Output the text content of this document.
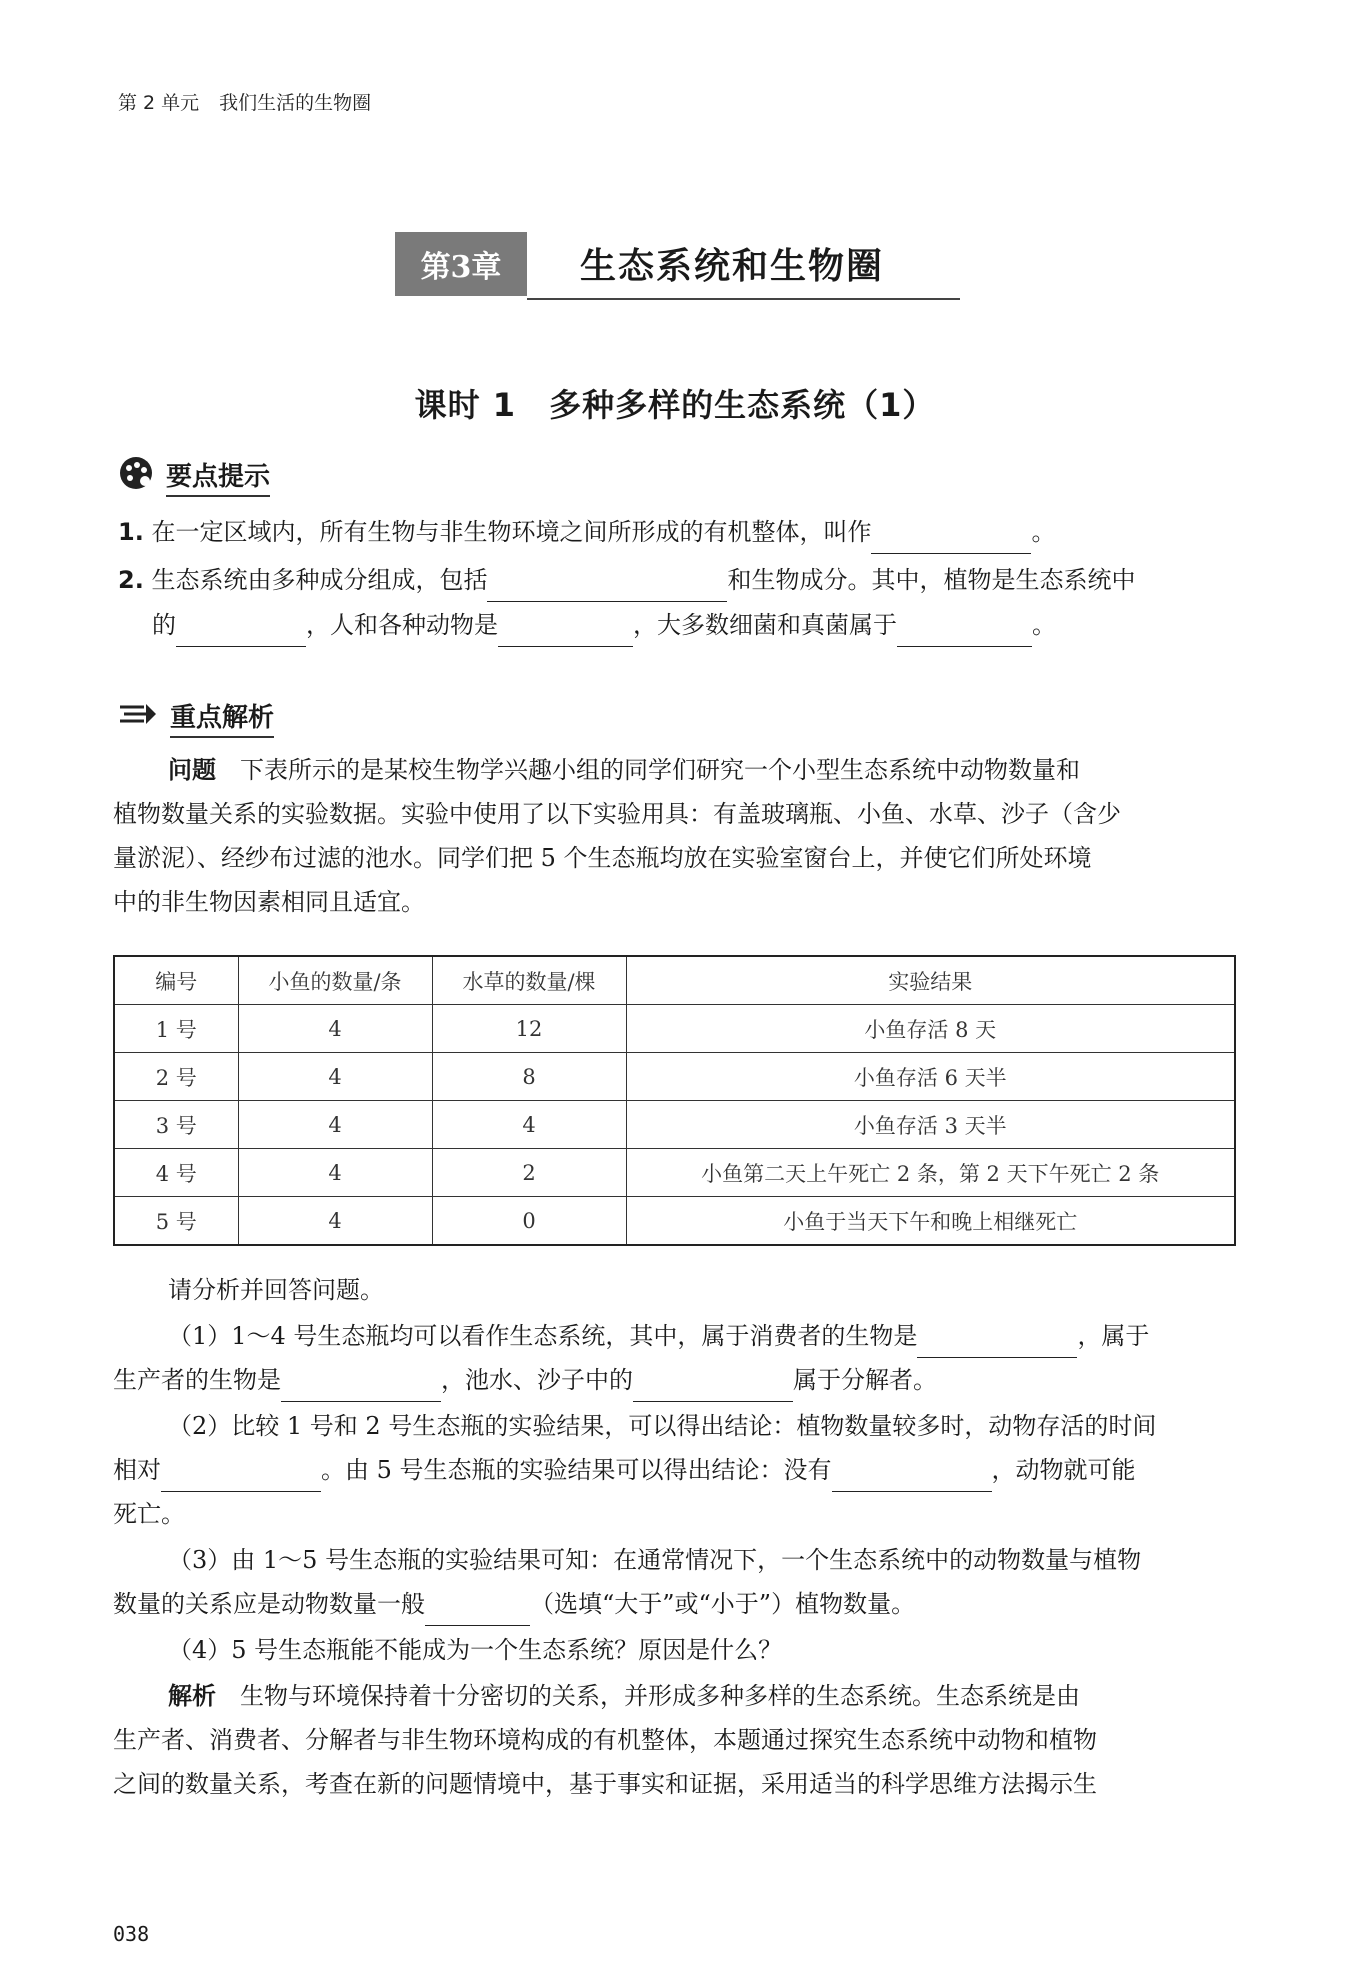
第 2 单元 我们生活的生物圈
第3章	生态系统和生物圈
课时 1　多种多样的生态系统（1）
要点提示
1. 在一定区域内，所有生物与非生物环境之间所形成的有机整体，叫作	。
2. 生态系统由多种成分组成，包括	和生物成分。其中，植物是生态系统中
的	，人和各种动物是	，大多数细菌和真菌属于	。
重点解析
问题　 下表所示的是某校生物学兴趣小组的同学们研究一个小型生态系统中动物数量和
植物数量关系的实验数据。实验中使用了以下实验用具：有盖玻璃瓶、小鱼、水草、沙子（含少
量淤泥）、经纱布过滤的池水。同学们把 5 个生态瓶均放在实验室窗台上，并使它们所处环境
中的非生物因素相同且适宜。
编号	小鱼的数量/条	水草的数量/棵	实验结果
1 号	4	12	小鱼存活 8 天
2 号	4	8	小鱼存活 6 天半
3 号	4	4	小鱼存活 3 天半
4 号	4	2	小鱼第二天上午死亡 2 条，第 2 天下午死亡 2 条
5 号	4	0	小鱼于当天下午和晚上相继死亡
请分析并回答问题。
（1）1～4 号生态瓶均可以看作生态系统，其中，属于消费者的生物是	，属于
生产者的生物是	，池水、沙子中的	属于分解者。
（2）比较 1 号和 2 号生态瓶的实验结果，可以得出结论：植物数量较多时，动物存活的时间
相对	。由 5 号生态瓶的实验结果可以得出结论：没有	，动物就可能
死亡。
（3）由 1～5 号生态瓶的实验结果可知：在通常情况下，一个生态系统中的动物数量与植物
数量的关系应是动物数量一般	（选填“大于”或“小于”）植物数量。
（4）5 号生态瓶能不能成为一个生态系统？原因是什么？
解析　 生物与环境保持着十分密切的关系，并形成多种多样的生态系统。生态系统是由
生产者、消费者、分解者与非生物环境构成的有机整体，本题通过探究生态系统中动物和植物
之间的数量关系，考查在新的问题情境中，基于事实和证据，采用适当的科学思维方法揭示生
038
